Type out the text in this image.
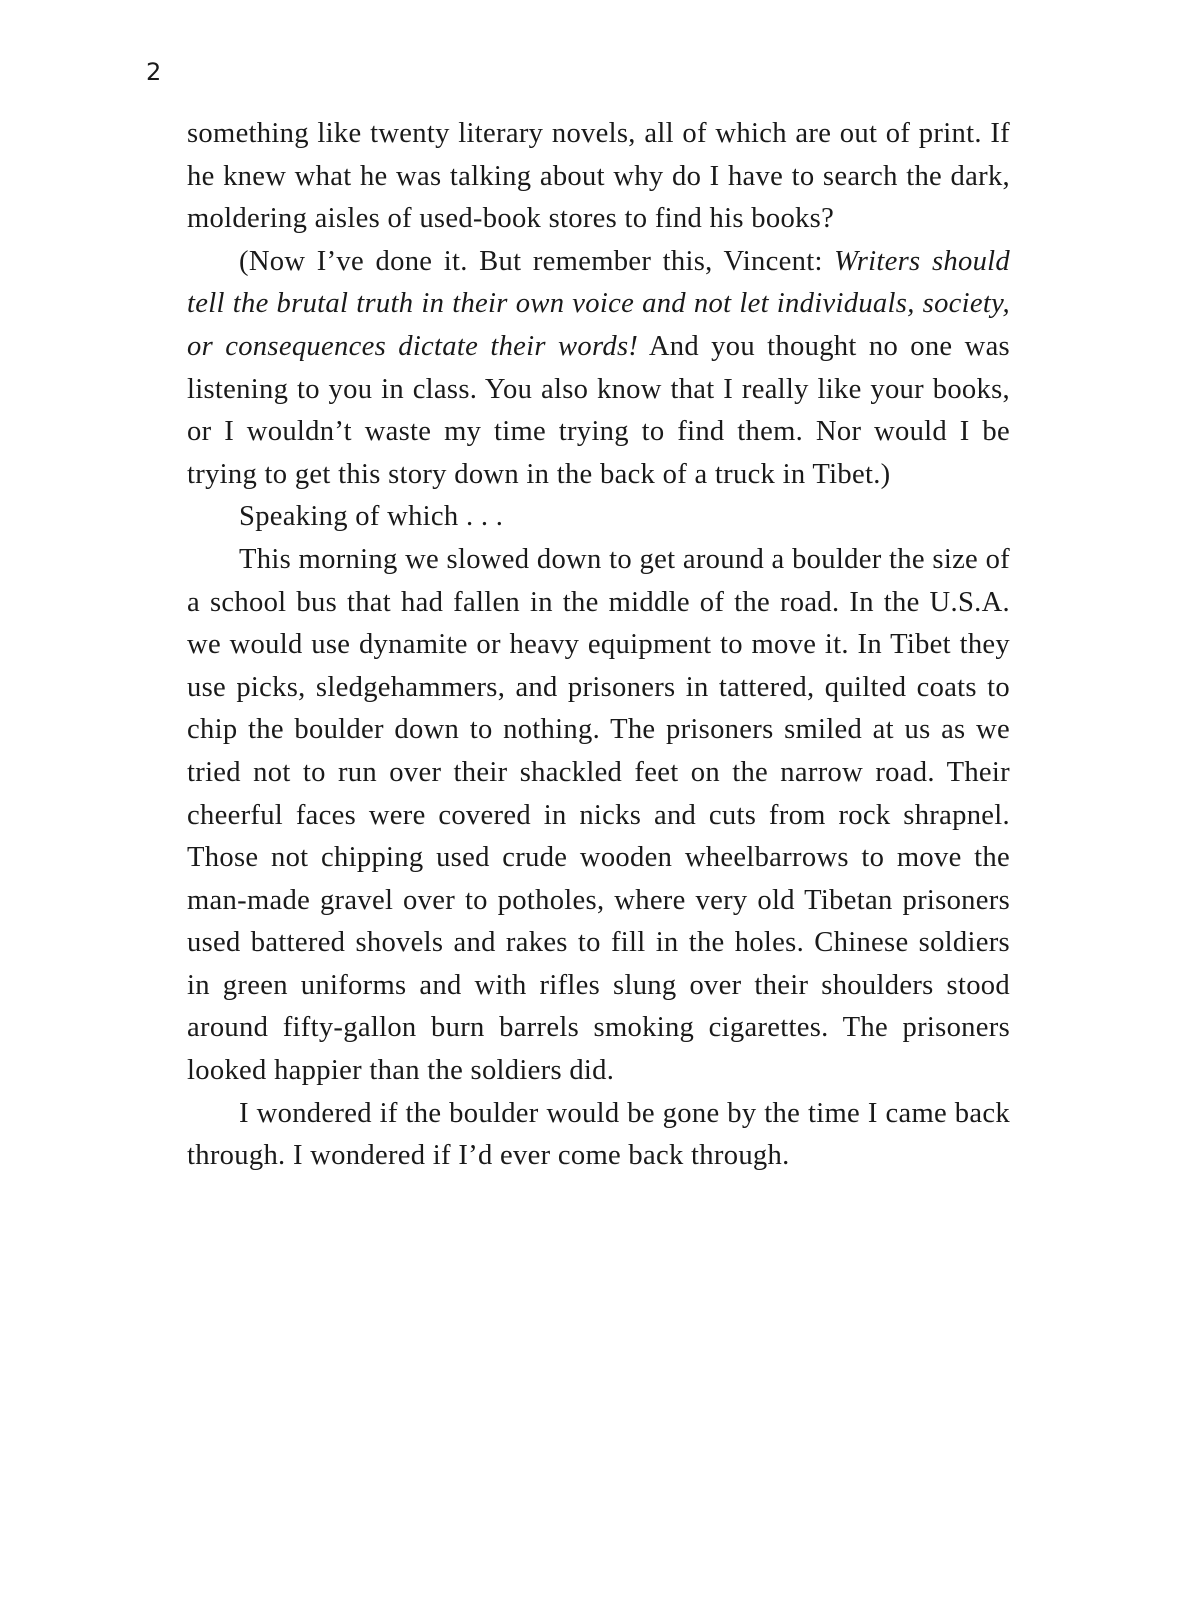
2

something like twenty literary novels, all of which are out of print. If he knew what he was talking about why do I have to search the dark, moldering aisles of used-book stores to find his books?

(Now I’ve done it. But remember this, Vincent: Writers should tell the brutal truth in their own voice and not let individuals, society, or consequences dictate their words! And you thought no one was listening to you in class. You also know that I really like your books, or I wouldn’t waste my time trying to find them. Nor would I be trying to get this story down in the back of a truck in Tibet.)

Speaking of which . . .

This morning we slowed down to get around a boulder the size of a school bus that had fallen in the middle of the road. In the U.S.A. we would use dynamite or heavy equipment to move it. In Tibet they use picks, sledgehammers, and prisoners in tattered, quilted coats to chip the boulder down to nothing. The prisoners smiled at us as we tried not to run over their shackled feet on the narrow road. Their cheerful faces were covered in nicks and cuts from rock shrapnel. Those not chipping used crude wooden wheelbarrows to move the man-made gravel over to potholes, where very old Tibetan prisoners used battered shovels and rakes to fill in the holes. Chinese soldiers in green uniforms and with rifles slung over their shoulders stood around fifty-gallon burn barrels smoking cigarettes. The prisoners looked happier than the soldiers did.

I wondered if the boulder would be gone by the time I came back through. I wondered if I’d ever come back through.
